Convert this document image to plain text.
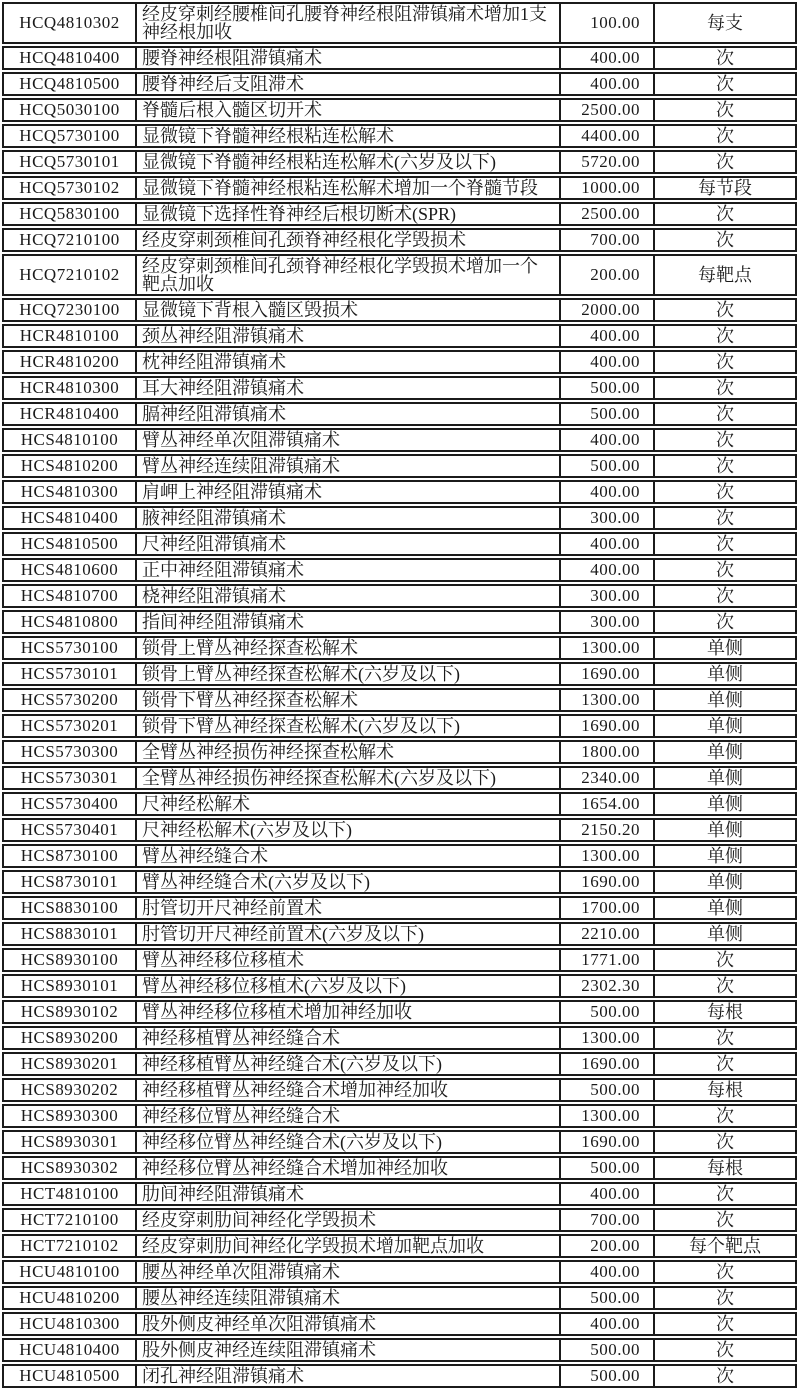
HCQ4810302	经皮穿刺经腰椎间孔腰脊神经根阻滞镇痛术增加1支神经根加收	100.00	每支
HCQ4810400	腰脊神经根阻滞镇痛术	400.00	次
HCQ4810500	腰脊神经后支阻滞术	400.00	次
HCQ5030100	脊髓后根入髓区切开术	2500.00	次
HCQ5730100	显微镜下脊髓神经根粘连松解术	4400.00	次
HCQ5730101	显微镜下脊髓神经根粘连松解术(六岁及以下)	5720.00	次
HCQ5730102	显微镜下脊髓神经根粘连松解术增加一个脊髓节段	1000.00	每节段
HCQ5830100	显微镜下选择性脊神经后根切断术(SPR)	2500.00	次
HCQ7210100	经皮穿刺颈椎间孔颈脊神经根化学毁损术	700.00	次
HCQ7210102	经皮穿刺颈椎间孔颈脊神经根化学毁损术增加一个靶点加收	200.00	每靶点
HCQ7230100	显微镜下背根入髓区毁损术	2000.00	次
HCR4810100	颈丛神经阻滞镇痛术	400.00	次
HCR4810200	枕神经阻滞镇痛术	400.00	次
HCR4810300	耳大神经阻滞镇痛术	500.00	次
HCR4810400	膈神经阻滞镇痛术	500.00	次
HCS4810100	臂丛神经单次阻滞镇痛术	400.00	次
HCS4810200	臂丛神经连续阻滞镇痛术	500.00	次
HCS4810300	肩岬上神经阻滞镇痛术	400.00	次
HCS4810400	腋神经阻滞镇痛术	300.00	次
HCS4810500	尺神经阻滞镇痛术	400.00	次
HCS4810600	正中神经阻滞镇痛术	400.00	次
HCS4810700	桡神经阻滞镇痛术	300.00	次
HCS4810800	指间神经阻滞镇痛术	300.00	次
HCS5730100	锁骨上臂丛神经探查松解术	1300.00	单侧
HCS5730101	锁骨上臂丛神经探查松解术(六岁及以下)	1690.00	单侧
HCS5730200	锁骨下臂丛神经探查松解术	1300.00	单侧
HCS5730201	锁骨下臂丛神经探查松解术(六岁及以下)	1690.00	单侧
HCS5730300	全臂丛神经损伤神经探查松解术	1800.00	单侧
HCS5730301	全臂丛神经损伤神经探查松解术(六岁及以下)	2340.00	单侧
HCS5730400	尺神经松解术	1654.00	单侧
HCS5730401	尺神经松解术(六岁及以下)	2150.20	单侧
HCS8730100	臂丛神经缝合术	1300.00	单侧
HCS8730101	臂丛神经缝合术(六岁及以下)	1690.00	单侧
HCS8830100	肘管切开尺神经前置术	1700.00	单侧
HCS8830101	肘管切开尺神经前置术(六岁及以下)	2210.00	单侧
HCS8930100	臂丛神经移位移植术	1771.00	次
HCS8930101	臂丛神经移位移植术(六岁及以下)	2302.30	次
HCS8930102	臂丛神经移位移植术增加神经加收	500.00	每根
HCS8930200	神经移植臂丛神经缝合术	1300.00	次
HCS8930201	神经移植臂丛神经缝合术(六岁及以下)	1690.00	次
HCS8930202	神经移植臂丛神经缝合术增加神经加收	500.00	每根
HCS8930300	神经移位臂丛神经缝合术	1300.00	次
HCS8930301	神经移位臂丛神经缝合术(六岁及以下)	1690.00	次
HCS8930302	神经移位臂丛神经缝合术增加神经加收	500.00	每根
HCT4810100	肋间神经阻滞镇痛术	400.00	次
HCT7210100	经皮穿刺肋间神经化学毁损术	700.00	次
HCT7210102	经皮穿刺肋间神经化学毁损术增加靶点加收	200.00	每个靶点
HCU4810100	腰丛神经单次阻滞镇痛术	400.00	次
HCU4810200	腰丛神经连续阻滞镇痛术	500.00	次
HCU4810300	股外侧皮神经单次阻滞镇痛术	400.00	次
HCU4810400	股外侧皮神经连续阻滞镇痛术	500.00	次
HCU4810500	闭孔神经阻滞镇痛术	500.00	次
